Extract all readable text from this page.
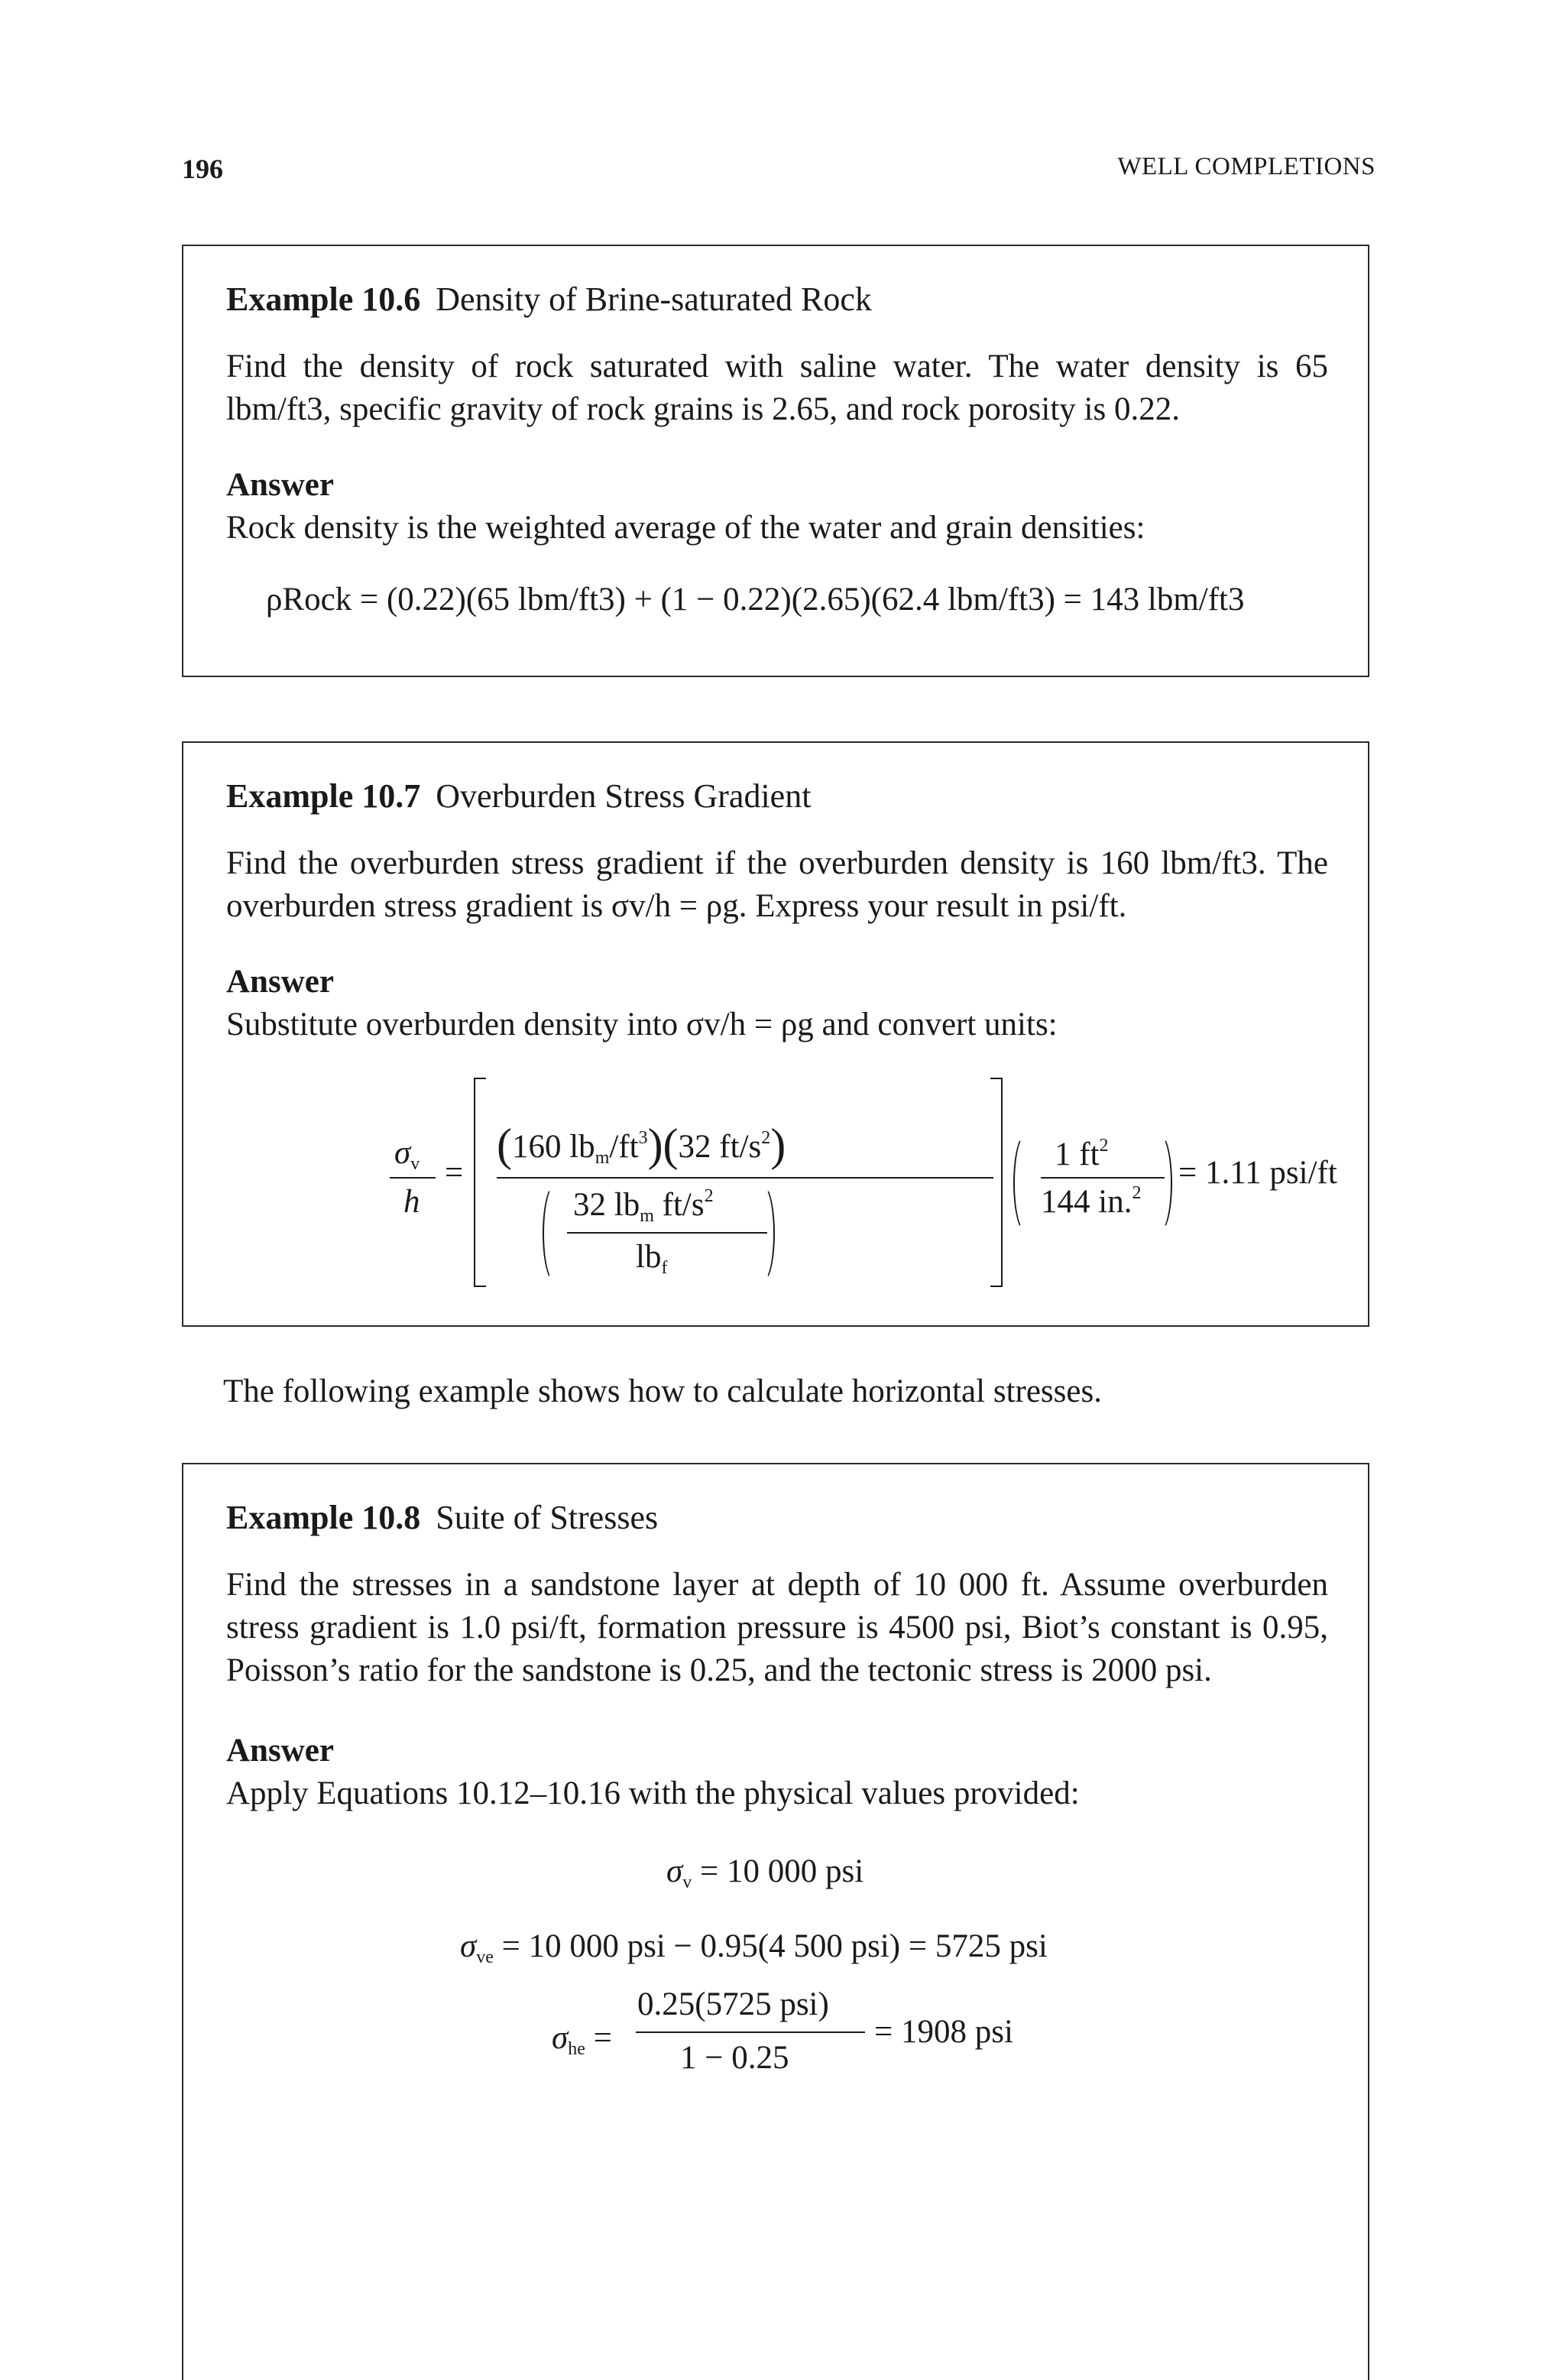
196	WELL COMPLETIONS
Example 10.6 Density of Brine-saturated Rock
Find the density of rock saturated with saline water. The water density is 65 lbm/ft3, specific gravity of rock grains is 2.65, and rock porosity is 0.22.
Answer
Rock density is the weighted average of the water and grain densities:
ρRock = (0.22)(65 lbm/ft3) + (1 − 0.22)(2.65)(62.4 lbm/ft3) = 143 lbm/ft3
Example 10.7 Overburden Stress Gradient
Find the overburden stress gradient if the overburden density is 160 lbm/ft3. The overburden stress gradient is σv/h = ρg. Express your result in psi/ft.
Answer
Substitute overburden density into σv/h = ρg and convert units:
$\sigma_v$
h
=
(160 $lb_m/ft^3)(32$ $ft/s^2$)
32 $lb_m$ $ft/s^2$
$lb_f$
1 $ft^2$
144 in.$^2$
= 1.11 psi/ft
The following example shows how to calculate horizontal stresses.
Example 10.8 Suite of Stresses
Find the stresses in a sandstone layer at depth of 10 000 ft. Assume overburden stress gradient is 1.0 psi/ft, formation pressure is 4500 psi, Biot’s constant is 0.95, Poisson’s ratio for the sandstone is 0.25, and the tectonic stress is 2000 psi.
Answer
Apply Equations 10.12–10.16 with the physical values provided:
$\sigma_v = 10$ 000 psi
$\sigma_{ve} = 10$ 000 psi − 0.95(4 500 psi) = 5725 psi
$\sigma_{he}$ =
0.25(5725 psi)
1 − 0.25
= 1908 psi
